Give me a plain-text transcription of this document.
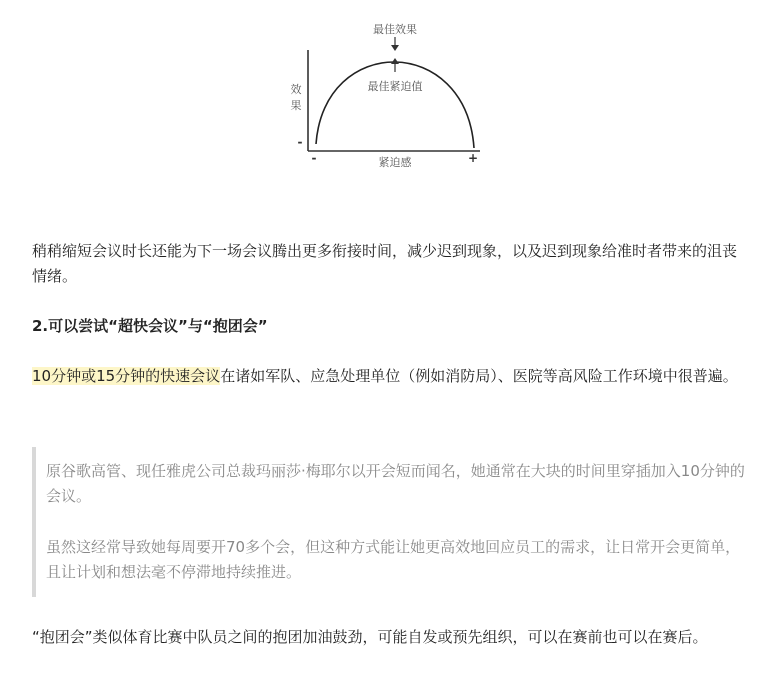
最佳效果
最佳紧迫值
效
果
-
-	+
紧迫感

稍稍缩短会议时长还能为下一场会议腾出更多衔接时间，减少迟到现象，以及迟到现象给准时者带来的沮丧情绪。

2.可以尝试“超快会议”与“抱团会”

10分钟或15分钟的快速会议在诸如军队、应急处理单位（例如消防局）、医院等高风险工作环境中很普遍。

原谷歌高管、现任雅虎公司总裁玛丽莎·梅耶尔以开会短而闻名，她通常在大块的时间里穿插加入10分钟的会议。

虽然这经常导致她每周要开70多个会，但这种方式能让她更高效地回应员工的需求，让日常开会更简单，且让计划和想法毫不停滞地持续推进。

“抱团会”类似体育比赛中队员之间的抱团加油鼓劲，可能自发或预先组织，可以在赛前也可以在赛后。
